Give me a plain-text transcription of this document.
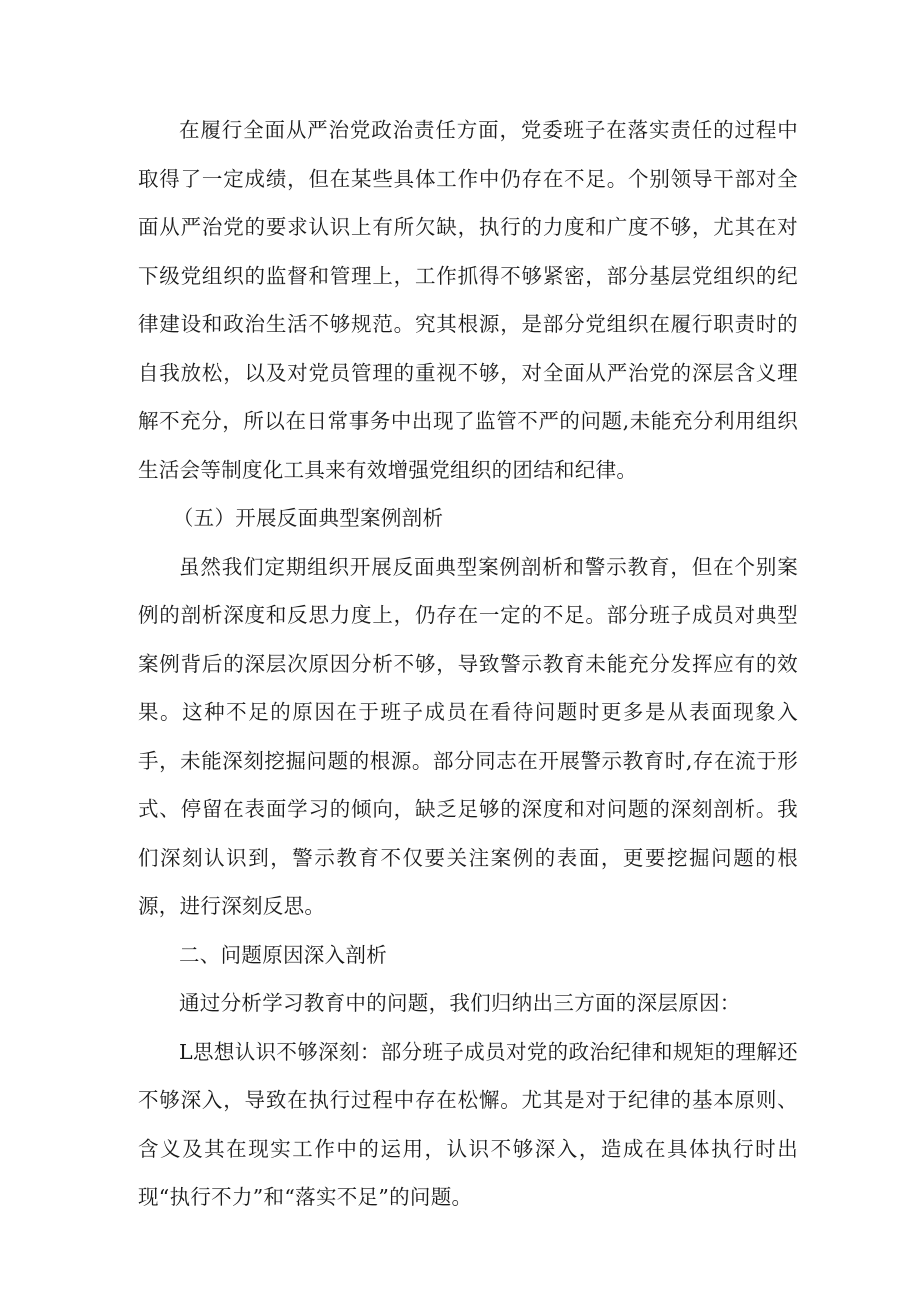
在履行全面从严治党政治责任方面，党委班子在落实责任的过程中取得了一定成绩，但在某些具体工作中仍存在不足。个别领导干部对全面从严治党的要求认识上有所欠缺，执行的力度和广度不够，尤其在对下级党组织的监督和管理上，工作抓得不够紧密，部分基层党组织的纪律建设和政治生活不够规范。究其根源，是部分党组织在履行职责时的自我放松，以及对党员管理的重视不够，对全面从严治党的深层含义理解不充分，所以在日常事务中出现了监管不严的问题,未能充分利用组织生活会等制度化工具来有效增强党组织的团结和纪律。

（五）开展反面典型案例剖析

虽然我们定期组织开展反面典型案例剖析和警示教育，但在个别案例的剖析深度和反思力度上，仍存在一定的不足。部分班子成员对典型案例背后的深层次原因分析不够，导致警示教育未能充分发挥应有的效果。这种不足的原因在于班子成员在看待问题时更多是从表面现象入手，未能深刻挖掘问题的根源。部分同志在开展警示教育时,存在流于形式、停留在表面学习的倾向，缺乏足够的深度和对问题的深刻剖析。我们深刻认识到，警示教育不仅要关注案例的表面，更要挖掘问题的根源，进行深刻反思。

二、问题原因深入剖析

通过分析学习教育中的问题，我们归纳出三方面的深层原因：

L思想认识不够深刻：部分班子成员对党的政治纪律和规矩的理解还不够深入，导致在执行过程中存在松懈。尤其是对于纪律的基本原则、含义及其在现实工作中的运用，认识不够深入，造成在具体执行时出现“执行不力”和“落实不足”的问题。
